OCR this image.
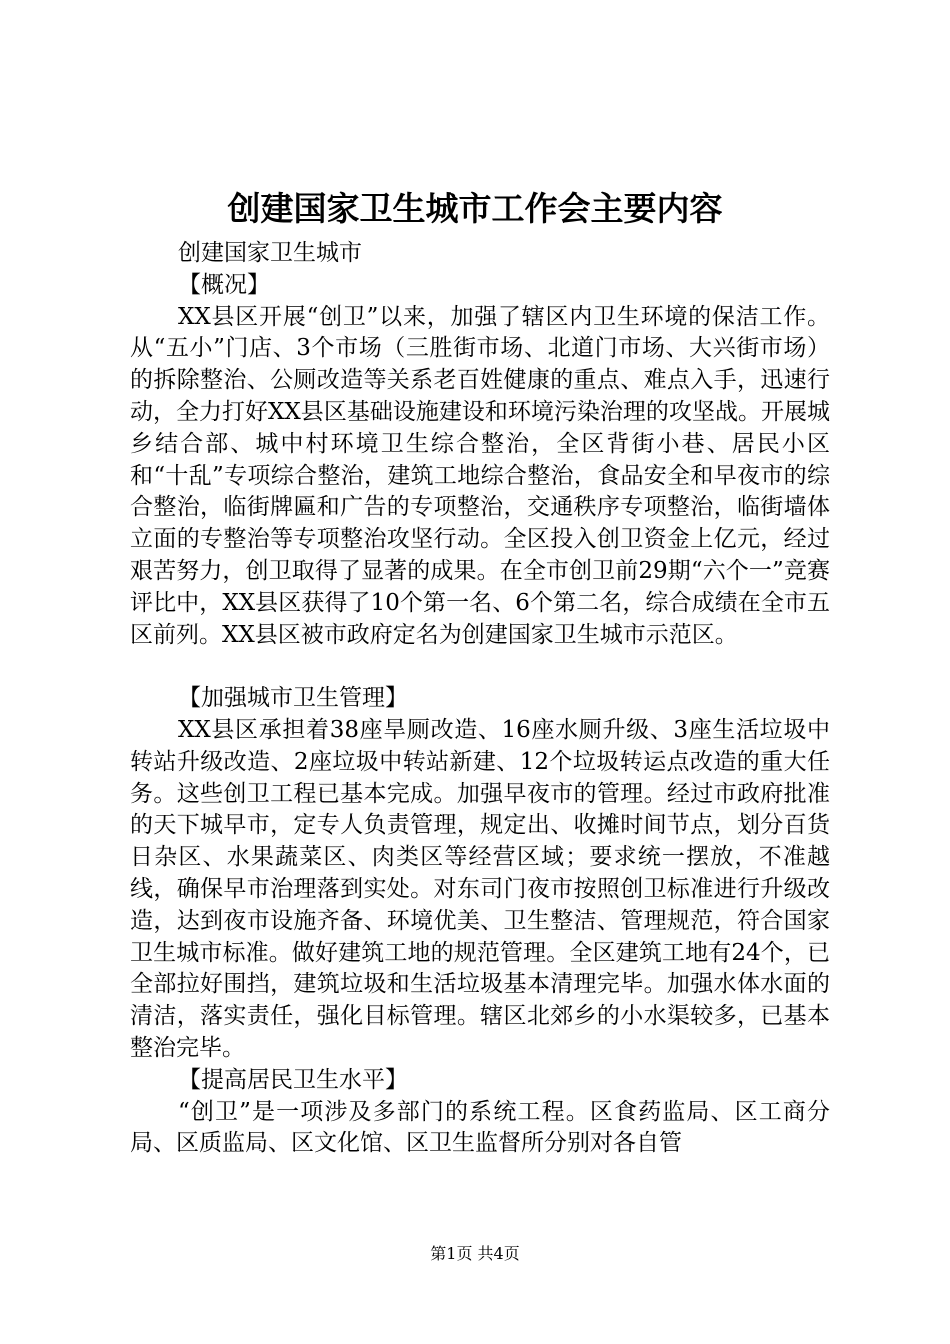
创建国家卫生城市工作会主要内容

创建国家卫生城市

【概况】

XX县区开展“创卫”以来，加强了辖区内卫生环境的保洁工作。从“五小”门店、3个市场（三胜街市场、北道门市场、大兴街市场）的拆除整治、公厕改造等关系老百姓健康的重点、难点入手，迅速行动，全力打好XX县区基础设施建设和环境污染治理的攻坚战。开展城乡结合部、城中村环境卫生综合整治，全区背街小巷、居民小区和“十乱”专项综合整治，建筑工地综合整治，食品安全和早夜市的综合整治，临街牌匾和广告的专项整治，交通秩序专项整治，临街墙体立面的专整治等专项整治攻坚行动。全区投入创卫资金上亿元，经过艰苦努力，创卫取得了显著的成果。在全市创卫前29期“六个一”竞赛评比中，XX县区获得了10个第一名、6个第二名，综合成绩在全市五区前列。XX县区被市政府定名为创建国家卫生城市示范区。

【加强城市卫生管理】

XX县区承担着38座旱厕改造、16座水厕升级、3座生活垃圾中转站升级改造、2座垃圾中转站新建、12个垃圾转运点改造的重大任务。这些创卫工程已基本完成。加强早夜市的管理。经过市政府批准的天下城早市，定专人负责管理，规定出、收摊时间节点，划分百货日杂区、水果蔬菜区、肉类区等经营区域；要求统一摆放，不准越线，确保早市治理落到实处。对东司门夜市按照创卫标准进行升级改造，达到夜市设施齐备、环境优美、卫生整洁、管理规范，符合国家卫生城市标准。做好建筑工地的规范管理。全区建筑工地有24个，已全部拉好围挡，建筑垃圾和生活垃圾基本清理完毕。加强水体水面的清洁，落实责任，强化目标管理。辖区北郊乡的小水渠较多，已基本整治完毕。

【提高居民卫生水平】

“创卫”是一项涉及多部门的系统工程。区食药监局、区工商分局、区质监局、区文化馆、区卫生监督所分别对各自管

第1页 共4页
